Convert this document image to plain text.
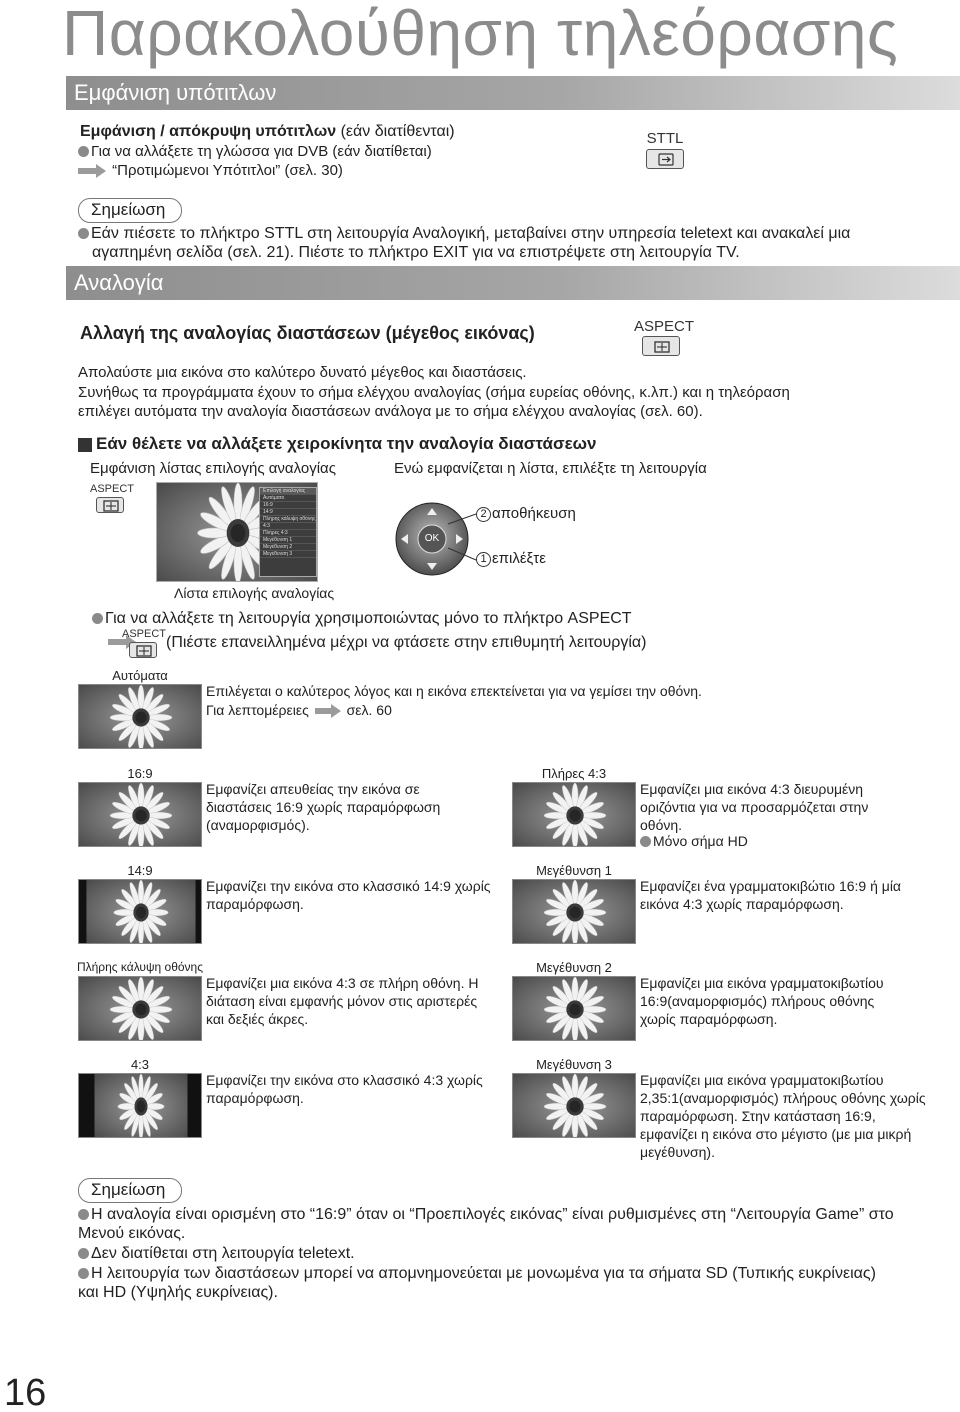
Παρακολούθηση τηλεόρασης
Εμφάνιση υπότιτλων
Εμφάνιση / απόκρυψη υπότιτλων (εάν διατίθενται)
Για να αλλάξετε τη γλώσσα για DVB (εάν διατίθεται)
“Προτιμώμενοι Υπότιτλοι” (σελ. 30)
STTL
Σημείωση
Εάν πιέσετε το πλήκτρο STTL στη λειτουργία Αναλογική, μεταβαίνει στην υπηρεσία teletext και ανακαλεί μια
αγαπημένη σελίδα (σελ. 21). Πιέστε το πλήκτρο EXIT για να επιστρέψετε στη λειτουργία TV.
Αναλογία
Αλλαγή της αναλογίας διαστάσεων (μέγεθος εικόνας)	ASPECT
Απολαύστε μια εικόνα στο καλύτερο δυνατό μέγεθος και διαστάσεις.
Συνήθως τα προγράμματα έχουν το σήμα ελέγχου αναλογίας (σήμα ευρείας οθόνης, κ.λπ.) και η τηλεόραση
επιλέγει αυτόματα την αναλογία διαστάσεων ανάλογα με το σήμα ελέγχου αναλογίας (σελ. 60).
Εάν θέλετε να αλλάξετε χειροκίνητα την αναλογία διαστάσεων
Εμφάνιση λίστας επιλογής αναλογίας	Ενώ εμφανίζεται η λίστα, επιλέξτε τη λειτουργία
ASPECT	Επιλογή αναλογίας
Αυτόματο
16:9
14:9
Πλήρης κάλυψη οθόνης
4:3
Πλήρες 4:3
Μεγέθυνση 1
Μεγέθυνση 2
Μεγέθυνση 3
Λίστα επιλογής αναλογίας
OK
2 αποθήκευση
1 επιλέξτε
Για να αλλάξετε τη λειτουργία χρησιμοποιώντας μόνο το πλήκτρο ASPECT
ASPECT (Πιέστε επανειλλημένα μέχρι να φτάσετε στην επιθυμητή λειτουργία)
Αυτόματα
Επιλέγεται ο καλύτερος λόγος και η εικόνα επεκτείνεται για να γεμίσει την οθόνη.
Για λεπτομέρειες	σελ. 60
16:9
Εμφανίζει απευθείας την εικόνα σε διαστάσεις 16:9 χωρίς παραμόρφωση (αναμορφισμός).
Πλήρες 4:3
Εμφανίζει μια εικόνα 4:3 διευρυμένη οριζόντια για να προσαρμόζεται στην οθόνη.
Μόνο σήμα HD
14:9
Εμφανίζει την εικόνα στο κλασσικό 14:9 χωρίς παραμόρφωση.
Μεγέθυνση 1
Εμφανίζει ένα γραμματοκιβώτιο 16:9 ή μία εικόνα 4:3 χωρίς παραμόρφωση.
Πλήρης κάλυψη οθόνης
Εμφανίζει μια εικόνα 4:3 σε πλήρη οθόνη. Η διάταση είναι εμφανής μόνον στις αριστερές και δεξιές άκρες.
Μεγέθυνση 2
Εμφανίζει μια εικόνα γραμματοκιβωτίου 16:9(αναμορφισμός) πλήρους οθόνης χωρίς παραμόρφωση.
4:3
Εμφανίζει την εικόνα στο κλασσικό 4:3 χωρίς παραμόρφωση.
Μεγέθυνση 3
Εμφανίζει μια εικόνα γραμματοκιβωτίου 2,35:1(αναμορφισμός) πλήρους οθόνης χωρίς παραμόρφωση. Στην κατάσταση 16:9, εμφανίζει η εικόνα στο μέγιστο (με μια μικρή μεγέθυνση).
Σημείωση
Η αναλογία είναι ορισμένη στο “16:9” όταν οι “Προεπιλογές εικόνας” είναι ρυθμισμένες στη “Λειτουργία Game” στο Μενού εικόνας.
Δεν διατίθεται στη λειτουργία teletext.
Η λειτουργία των διαστάσεων μπορεί να απομνημονεύεται με μονωμένα για τα σήματα SD (Τυπικής ευκρίνειας) και HD (Υψηλής ευκρίνειας).
16
